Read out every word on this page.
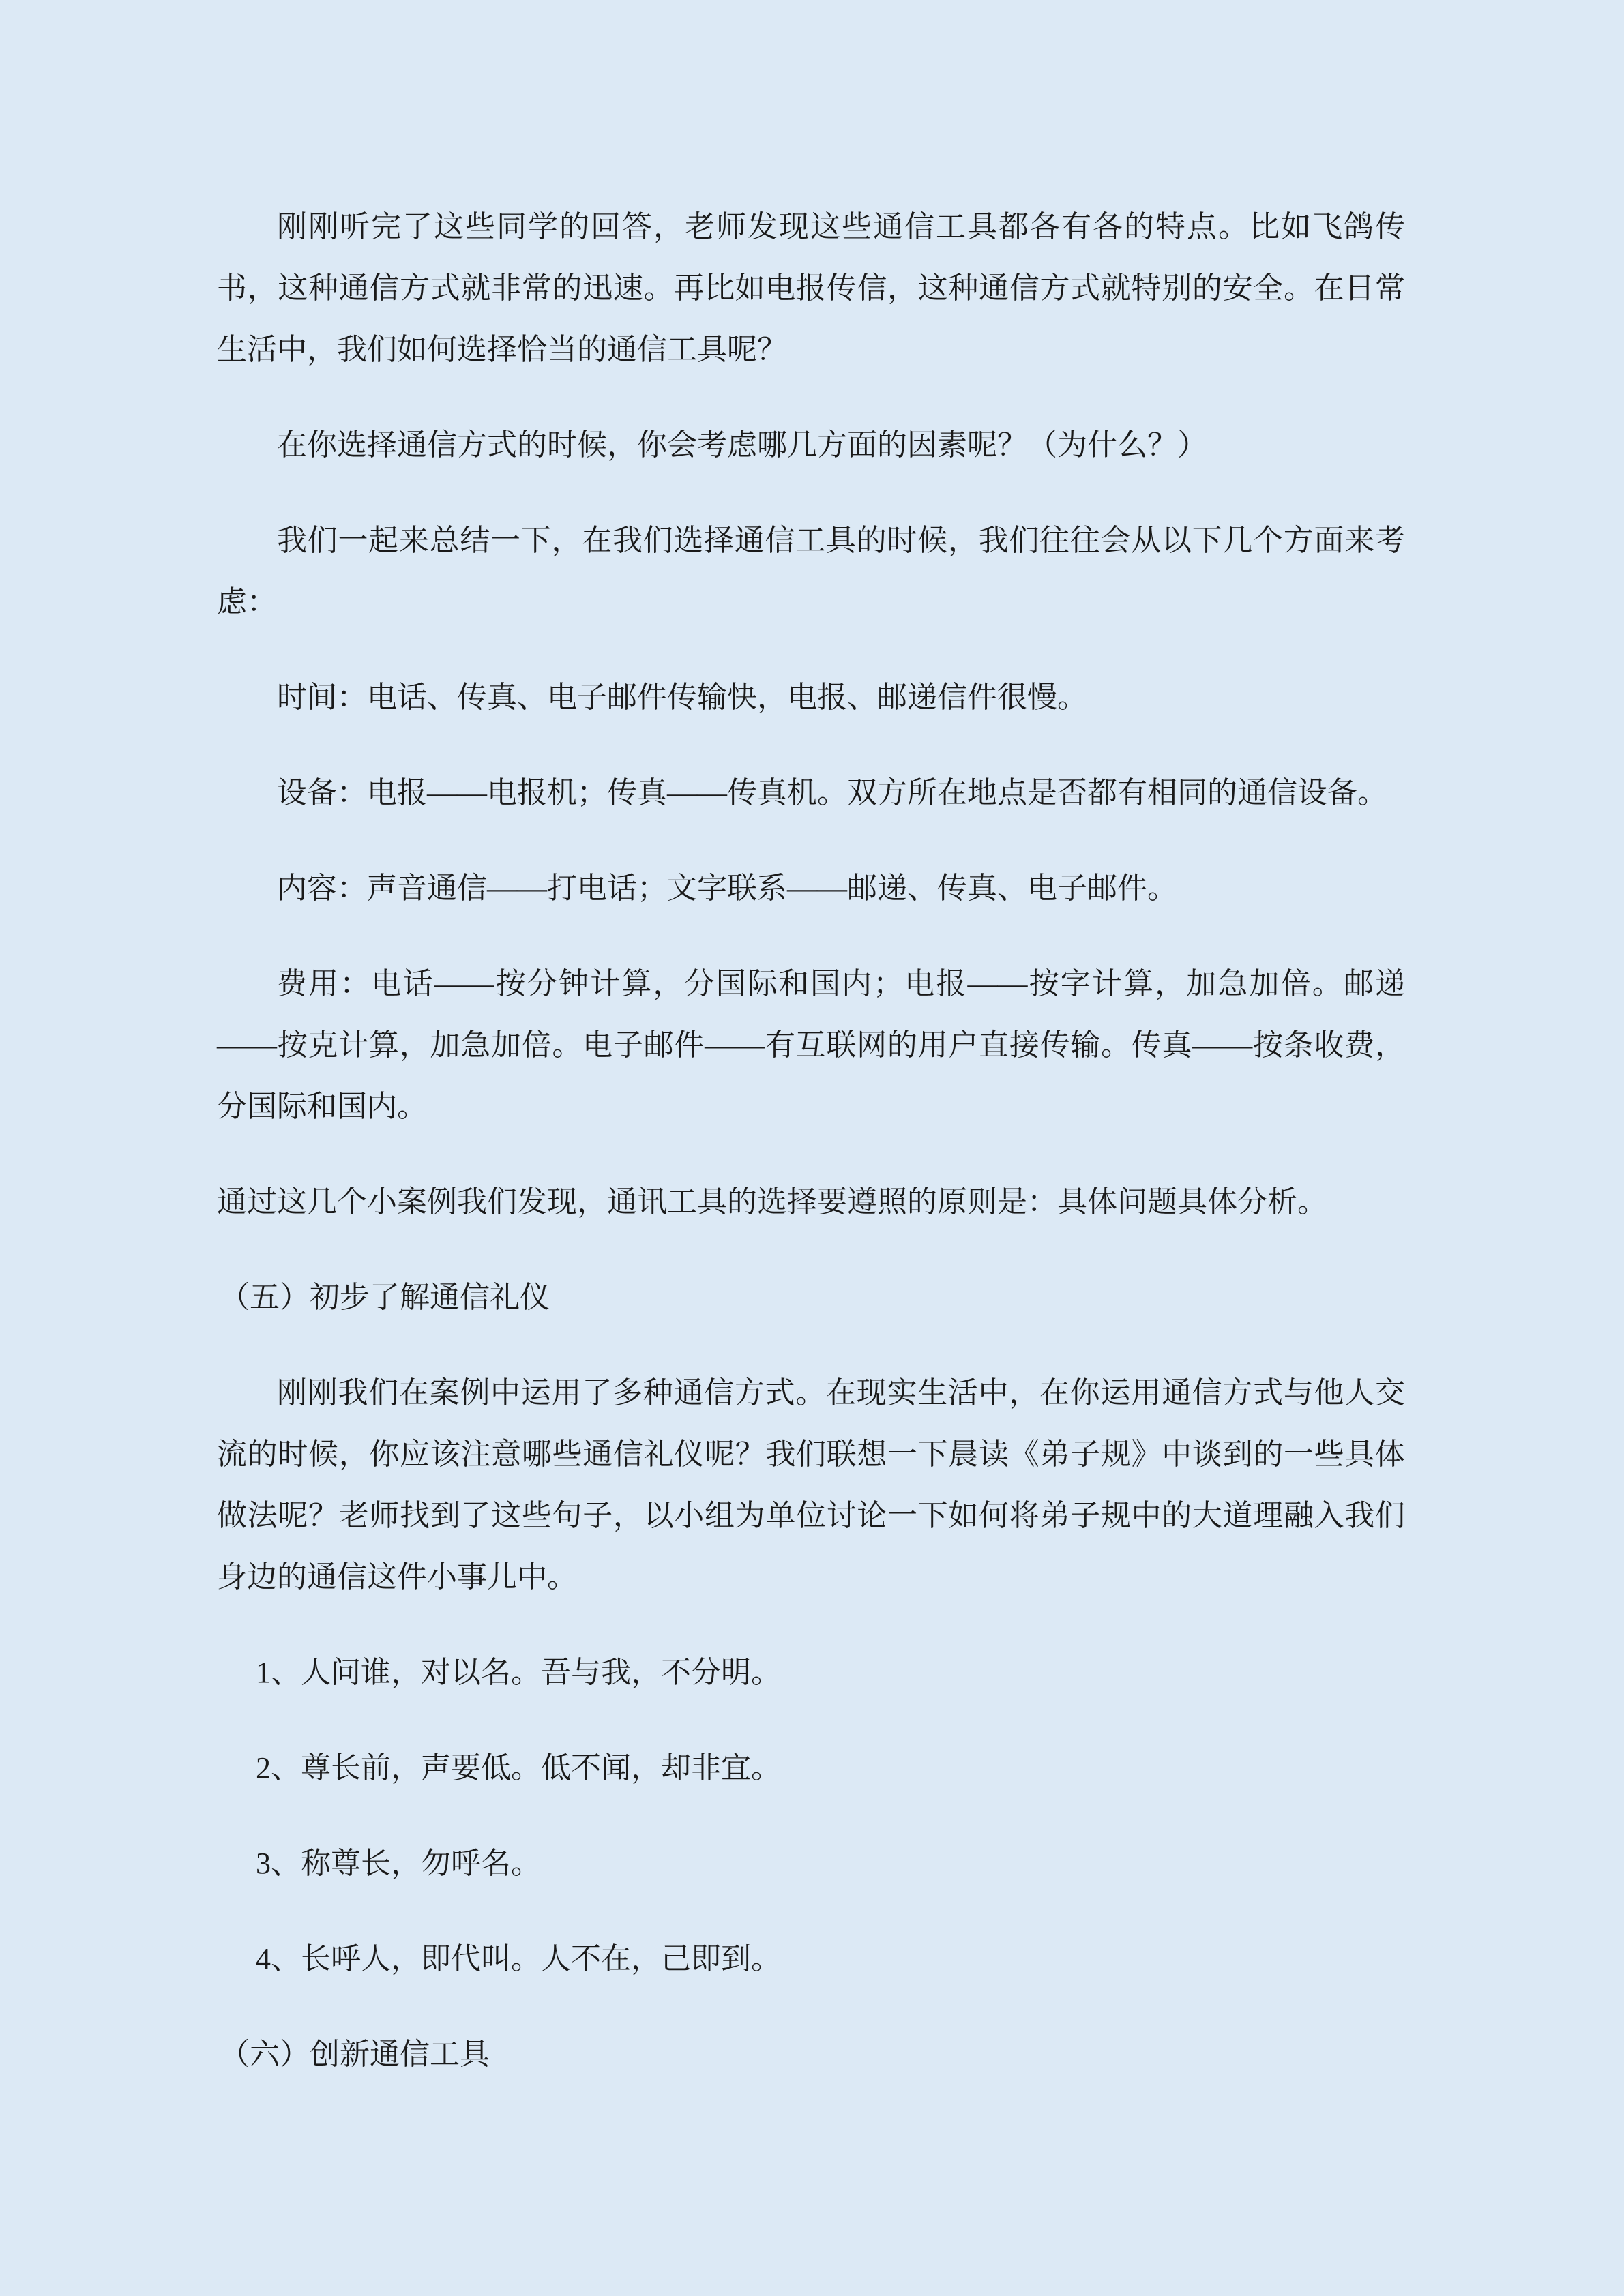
刚刚听完了这些同学的回答，老师发现这些通信工具都各有各的特点。比如飞鸽传书，这种通信方式就非常的迅速。再比如电报传信，这种通信方式就特别的安全。在日常生活中，我们如何选择恰当的通信工具呢？

在你选择通信方式的时候，你会考虑哪几方面的因素呢？（为什么？）

我们一起来总结一下，在我们选择通信工具的时候，我们往往会从以下几个方面来考虑：

时间：电话、传真、电子邮件传输快，电报、邮递信件很慢。

设备：电报——电报机；传真——传真机。双方所在地点是否都有相同的通信设备。

内容：声音通信——打电话；文字联系——邮递、传真、电子邮件。

费用：电话——按分钟计算，分国际和国内；电报——按字计算，加急加倍。邮递——按克计算，加急加倍。电子邮件——有互联网的用户直接传输。传真——按条收费，分国际和国内。

通过这几个小案例我们发现，通讯工具的选择要遵照的原则是：具体问题具体分析。

（五）初步了解通信礼仪

刚刚我们在案例中运用了多种通信方式。在现实生活中，在你运用通信方式与他人交流的时候，你应该注意哪些通信礼仪呢？我们联想一下晨读《弟子规》中谈到的一些具体做法呢？老师找到了这些句子，以小组为单位讨论一下如何将弟子规中的大道理融入我们身边的通信这件小事儿中。

1、人问谁，对以名。吾与我，不分明。

2、尊长前，声要低。低不闻，却非宜。

3、称尊长，勿呼名。

4、长呼人，即代叫。人不在，己即到。

（六）创新通信工具
